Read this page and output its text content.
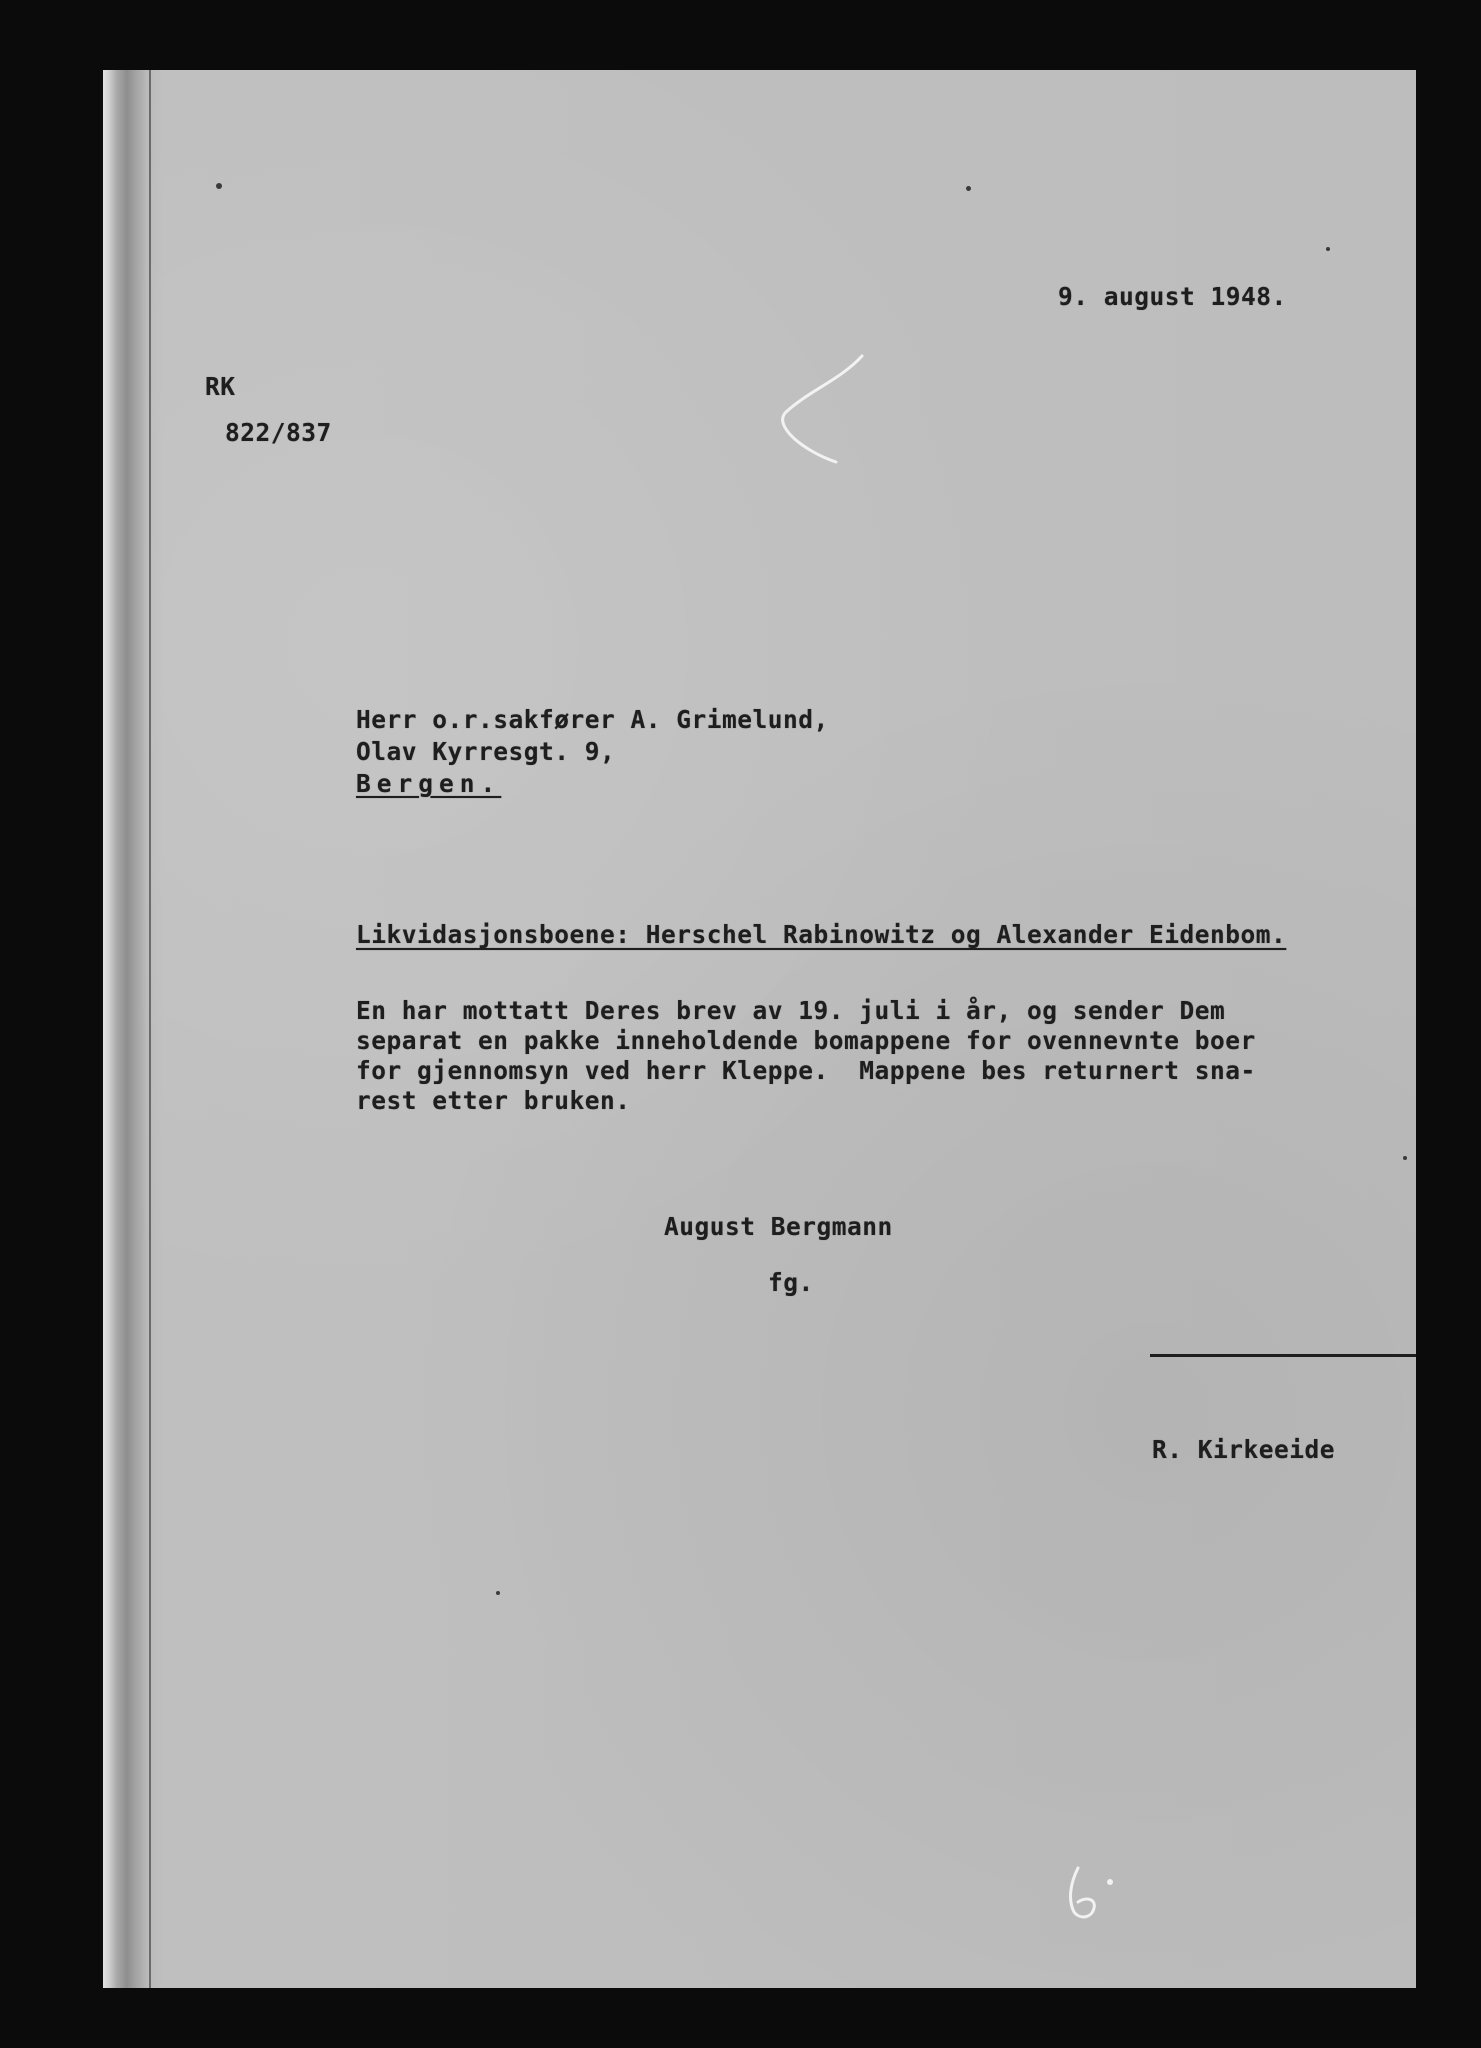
9. august 1948.
RK
822/837
Herr o.r.sakfører A. Grimelund,
Olav Kyrresgt. 9,
Bergen.
Likvidasjonsboene: Herschel Rabinowitz og Alexander Eidenbom.
En har mottatt Deres brev av 19. juli i år, og sender Dem
separat en pakke inneholdende bomappene for ovennevnte boer
for gjennomsyn ved herr Kleppe.  Mappene bes returnert sna-
rest etter bruken.
August Bergmann
fg.
R. Kirkeeide
